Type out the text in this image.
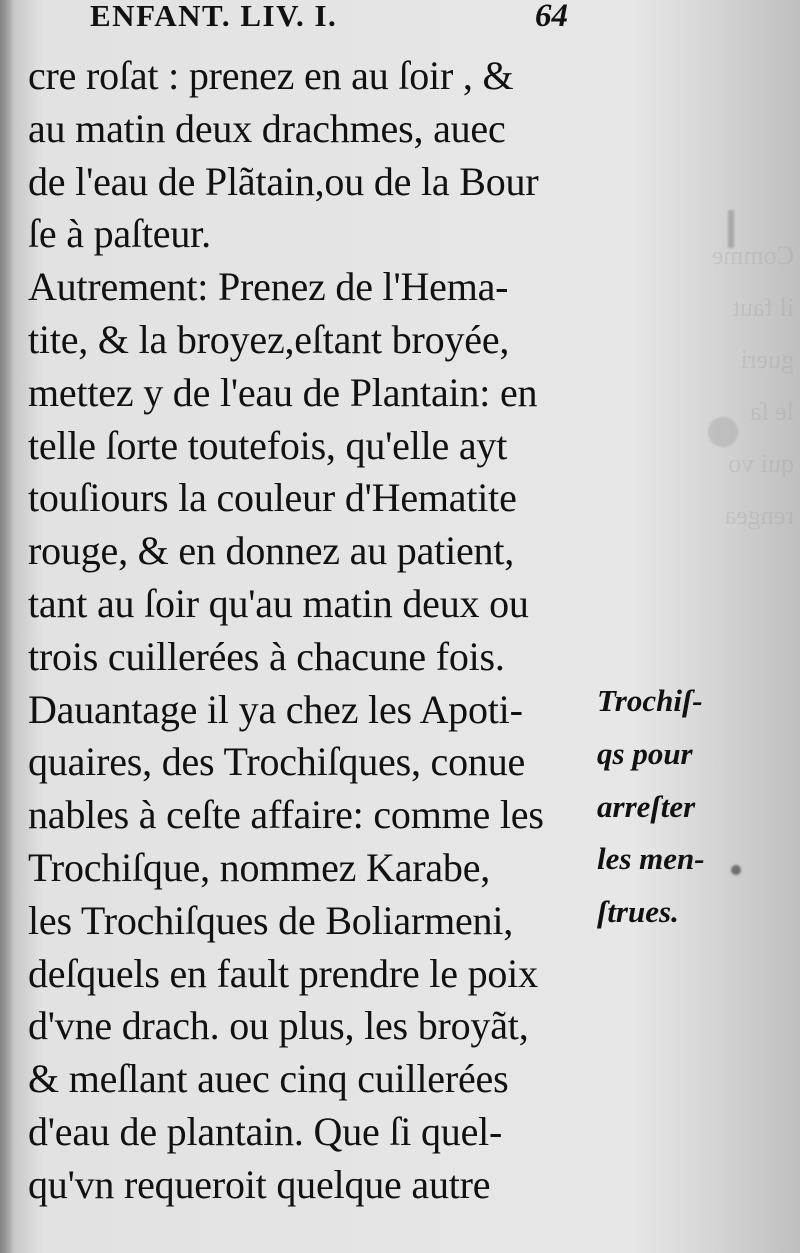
Comme
il faut
gueri
le ſa
qui vo
rengea
ENFANT. LIV. I.	64
cre roſat : prenez en au ſoir , &
au matin deux drachmes, auec
de l'eau de Plãtain,ou de la Bour
ſe à paſteur.
Autrement: Prenez de l'Hema-
tite, & la broyez,eſtant broyée,
mettez y de l'eau de Plantain: en
telle ſorte toutefois, qu'elle ayt
touſiours la couleur d'Hematite
rouge, & en donnez au patient,
tant au ſoir qu'au matin deux ou
trois cuillerées à chacune fois.
Dauantage il ya chez les Apoti-
quaires, des Trochiſques, conue
nables à ceſte affaire: comme les
Trochiſque, nommez Karabe,
les Trochiſques de Boliarmeni,
deſquels en fault prendre le poix
d'vne drach. ou plus, les broyãt,
& meſlant auec cinq cuillerées
d'eau de plantain. Que ſi quel-
qu'vn requeroit quelque autre
Trochiſ-
qs pour
arreſter
les men-
ſtrues.
